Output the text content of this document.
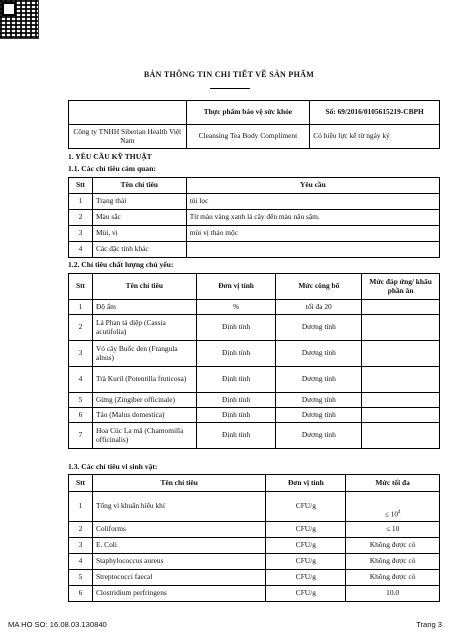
BẢN THÔNG TIN CHI TIẾT VỀ SẢN PHẨM
	Thực phẩm bảo vệ sức khỏe	Số: 69/2016/0105615219-CBPH
Công ty TNHH Siberian Health Việt Nam	Cleansing Tea Body Compliment	Có hiệu lực kể từ ngày ký
1. YÊU CẦU KỸ THUẬT
1.1. Các chỉ tiêu cảm quan:
Stt	Tên chỉ tiêu	Yêu cầu
1	Trạng thái	túi lọc
2	Màu sắc	Từ màu vàng xanh lá cây đến màu nâu sậm.
3	Mùi, vị	mùi vị thảo mộc
4	Các đặc tính khác	
1.2. Chỉ tiêu chất lượng chủ yếu:
Stt	Tên chỉ tiêu	Đơn vị tính	Mức công bố	Mức đáp ứng/ khẩu phần ăn
1	Độ ẩm	%	tối đa 20	
2	Lá Phan tả diệp (Cassia acutifolia)	Định tính	Dương tính	
3	Vỏ cây Buốc đen (Frangula alnus)	Định tính	Dương tính	
4	Trà Kuril (Potentilla fruticosa)	Định tính	Dương tính	
5	Gừng (Zingiber officinale)	Định tính	Dương tính	
6	Táo (Malus domestica)	Định tính	Dương tính	
7	Hoa Cúc La mã (Chamomilla officinalis)	Định tính	Dương tính	
1.3. Các chỉ tiêu vi sinh vật:
Stt	Tên chỉ tiêu	Đơn vị tính	Mức tối đa
1	Tổng vi khuẩn hiếu khí	CFU/g	≤ $10^4$
2	Coliforms	CFU/g	≤ 10
3	E. Coli	CFU/g	Không được có
4	Staphylococcus aureus	CFU/g	Không được có
5	Streptococci faecal	CFU/g	Không được có
6	Clostridium perfringens	CFU/g	10.0
MA HO SO: 16.08.03.130840	Trang 3
